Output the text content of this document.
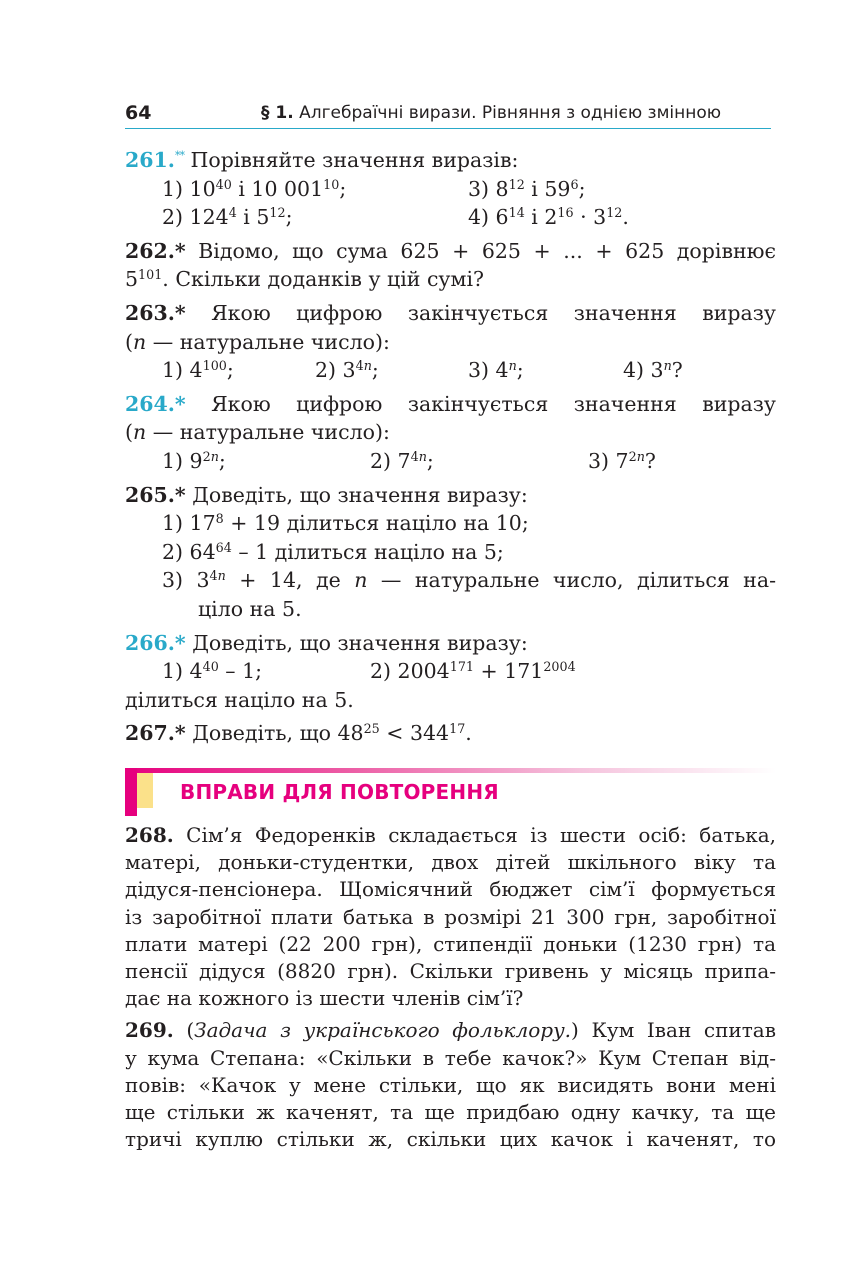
64	§ 1. Алгебраїчні вирази. Рівняння з однією змінною
261.** Порівняйте значення виразів:
1) $10^{40}$ і 10 $001^{10}$;	3) $8^{12}$ і $59^6$;
2) $124^4$ і $5^{12}$;	4) $6^{14}$ і $2^{16} \cdot 3^{12}$.
262.* Відомо, що сума 625 + 625 + ... + 625 дорівнює
$5^{101}$. Скільки доданків у цій сумі?
263.* Якою цифрою закінчується значення виразу
(n — натуральне число):
1) $4^{100}$;	2) $3^{4n}$;	3) 4$^n$;	4) 3$^n$?
264.* Якою цифрою закінчується значення виразу
(n — натуральне число):
1) $9^{2n}$;	2) $7^{4n}$;	3) $7^{2n}$?
265.* Доведіть, що значення виразу:
1) $17^8 + 19$ ділиться націло на 10;
2) $64^{64} - 1$ ділиться націло на 5;
3) $3^{4n} + 14$, де n — натуральне число, ділиться на-
ціло на 5.
266.* Доведіть, що значення виразу:
1) $4^{40} - 1$;	2) $2004^{171} + 171^{2004}$
ділиться націло на 5.
267.* Доведіть, що $48^{25} < 344^{17}$.
ВПРАВИ ДЛЯ ПОВТОРЕННЯ
268. Сім’я Федоренків складається із шести осіб: батька,
матері, доньки-студентки, двох дітей шкільного віку та
дідуся-пенсіонера. Щомісячний бюджет сім’ї формується
із заробітної плати батька в розмірі 21 300 грн, заробітної
плати матері (22 200 грн), стипендії доньки (1230 грн) та
пенсії дідуся (8820 грн). Скільки гривень у місяць припа-
дає на кожного із шести членів сім’ї?
269. (Задача з українського фольклору.) Кум Іван спитав
у кума Степана: «Скільки в тебе качок?» Кум Степан від-
повів: «Качок у мене стільки, що як висидять вони мені
ще стільки ж каченят, та ще придбаю одну качку, та ще
тричі куплю стільки ж, скільки цих качок і каченят, то
